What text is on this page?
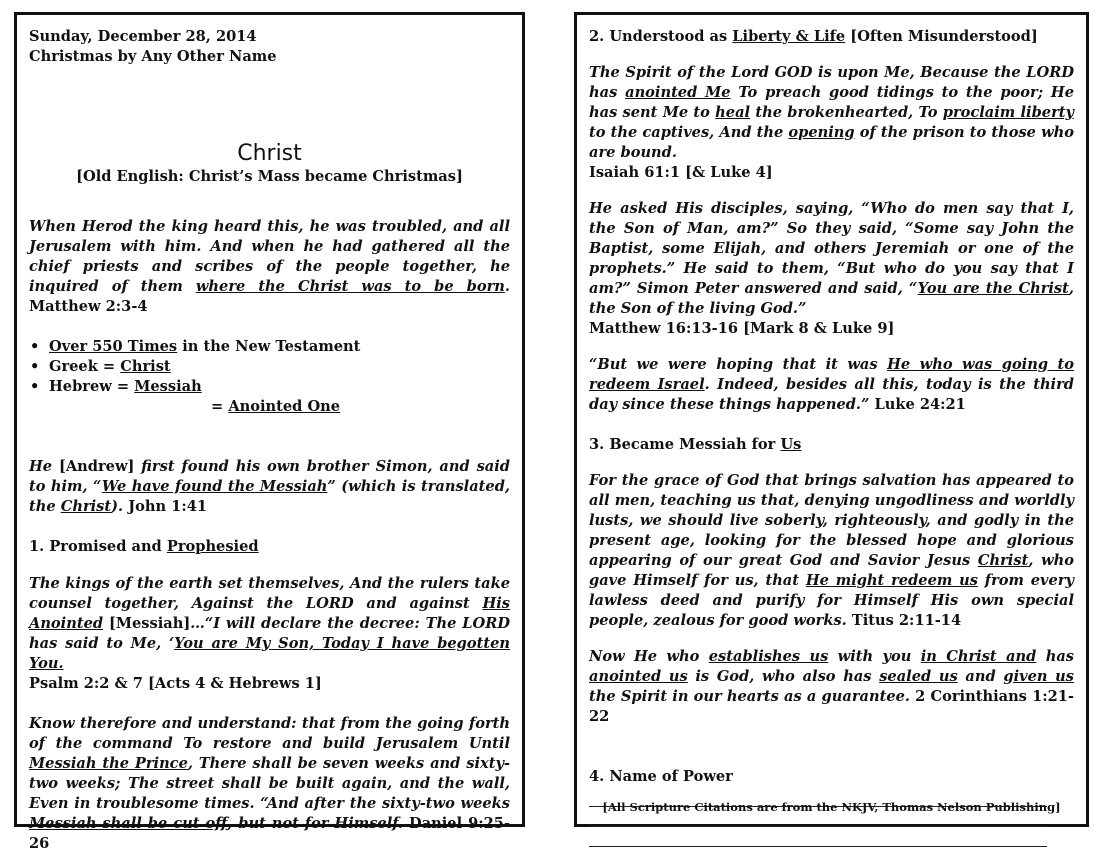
Sunday, December 28, 2014
Christmas by Any Other Name
Christ
[Old English: Christ’s Mass became Christmas]
When Herod the king heard this, he was troubled, and all Jerusalem with him. And when he had gathered all the chief priests and scribes of the people together, he inquired of them where the Christ was to be born. Matthew 2:3-4
• Over 550 Times in the New Testament
• Greek = Christ
• Hebrew = Messiah
= Anointed One
He [Andrew] first found his own brother Simon, and said to him, “We have found the Messiah” (which is translated, the Christ). John 1:41
1. Promised and Prophesied
The kings of the earth set themselves, And the rulers take counsel together, Against the LORD and against His Anointed [Messiah]…“I will declare the decree: The LORD has said to Me, ‘You are My Son, Today I have begotten You.
Psalm 2:2 & 7 [Acts 4 & Hebrews 1]
Know therefore and understand: that from the going forth of the command To restore and build Jerusalem Until Messiah the Prince, There shall be seven weeks and sixty-two weeks; The street shall be built again, and the wall, Even in troublesome times. “And after the sixty-two weeks Messiah shall be cut off, but not for Himself. Daniel 9:25-26
2. Understood as Liberty & Life [Often Misunderstood]
The Spirit of the Lord GOD is upon Me, Because the LORD has anointed Me To preach good tidings to the poor; He has sent Me to heal the brokenhearted, To proclaim liberty to the captives, And the opening of the prison to those who are bound.
Isaiah 61:1 [& Luke 4]
He asked His disciples, saying, “Who do men say that I, the Son of Man, am?” So they said, “Some say John the Baptist, some Elijah, and others Jeremiah or one of the prophets.” He said to them, “But who do you say that I am?” Simon Peter answered and said, “You are the Christ, the Son of the living God.”
Matthew 16:13-16 [Mark 8 & Luke 9]
“But we were hoping that it was He who was going to redeem Israel. Indeed, besides all this, today is the third day since these things happened.” Luke 24:21
3. Became Messiah for Us
For the grace of God that brings salvation has appeared to all men, teaching us that, denying ungodliness and worldly lusts, we should live soberly, righteously, and godly in the present age, looking for the blessed hope and glorious appearing of our great God and Savior Jesus Christ, who gave Himself for us, that He might redeem us from every lawless deed and purify for Himself His own special people, zealous for good works. Titus 2:11-14
Now He who establishes us with you in Christ and has anointed us is God, who also has sealed us and given us the Spirit in our hearts as a guarantee. 2 Corinthians 1:21-22
4. Name of Power
[All Scripture Citations are from the NKJV, Thomas Nelson Publishing]
